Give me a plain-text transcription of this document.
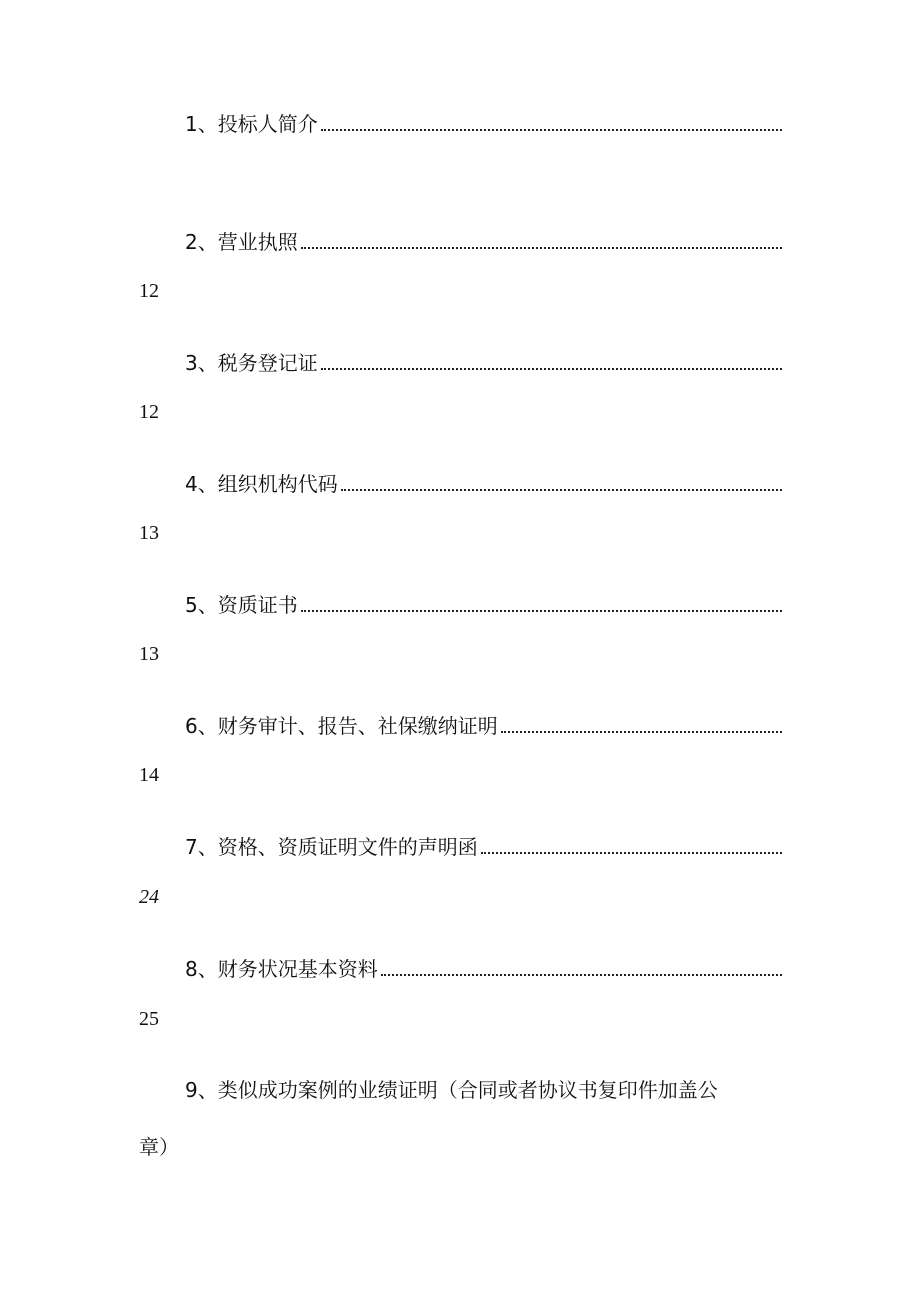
1、投标人简介
2、营业执照
12
3、税务登记证
12
4、组织机构代码
13
5、资质证书
13
6、财务审计、报告、社保缴纳证明
14
7、资格、资质证明文件的声明函
24
8、财务状况基本资料
25
9、类似成功案例的业绩证明（合同或者协议书复印件加盖公
章）
